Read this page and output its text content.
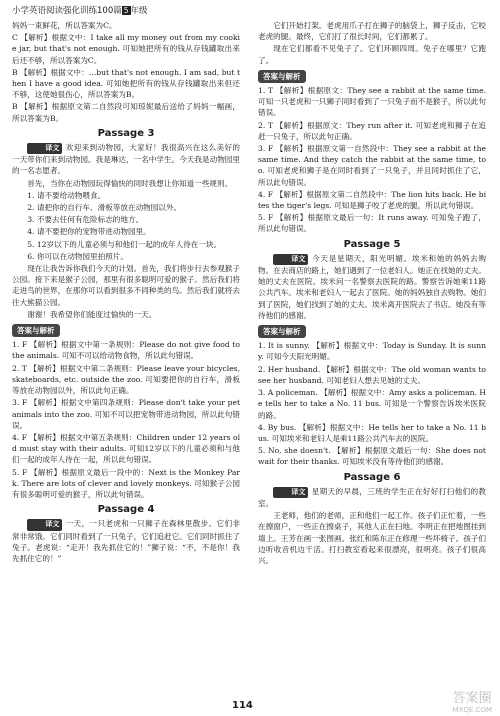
小学英语阅读强化训练100篇 5 年级

妈妈一束鲜花，所以答案为C。

C 【解析】根据文中：I take all my money out from my cookie jar, but that's not enough. 可知她把所有的钱从存钱罐取出来后还不够，所以答案为C。

B 【解析】根据文中：…but that's not enough. I am sad, but then I have a good idea. 可知她把所有的钱从存钱罐取出来但还不够，这使她很伤心，所以答案为B。

B 【解析】根据原文第二自然段可知琼妮最后送给了妈妈一幅画，所以答案为B。

Passage 3

译文 欢迎来到动物园，大家好！我很高兴在这么美好的一天带你们来到动物园。我是琳达，一名中学生。今天我是动物园里的一名志愿者。

首先，当你在动物园玩得愉快的同时我想让你知道一些规则。

1. 请不要给动物喂食。

2. 请把你的自行车、滑板等放在动物园以外。

3. 不要去任何有危险标志的地方。

4. 请不要把你的宠物带进动物园里。

5. 12岁以下的儿童必须与和他们一起的成年人待在一块。

6. 你可以在动物园里拍照片。

现在让我告诉你我们今天的计划。首先，我们将步行去参观猴子公园。接下来是猴子公园，那里有很多聪明可爱的猴子。然后我们将走进鸟的世界，在那你可以看到很多不同种类的鸟。然后我们就将去往大熊猫公园。

谢谢！我希望你们能度过愉快的一天。

答案与解析

1. F 【解析】根据文中第一条规则：Please do not give food to the animals. 可知不可以给动物食物，所以此句错误。

2. T 【解析】根据文中第二条规则：Please leave your bicycles, skateboards, etc. outside the zoo. 可知要把你的自行车，滑板等放在动物园以外，所以此句正确。

3. F 【解析】根据文中第四条规则：Please don't take your pet animals into the zoo. 可知不可以把宠物带进动物园，所以此句错误。

4. F 【解析】根据文中第五条规则：Children under 12 years old must stay with their adults. 可知12岁以下的儿童必须和与他们一起的成年人待在一起，所以此句错误。

5. F 【解析】根据原文最后一段中的：Next is the Monkey Park. There are lots of clever and lovely monkeys. 可知猴子公园有很多聪明可爱的猴子，所以此句错误。

Passage 4

译文 一天，一只老虎和一只狮子在森林里散步。它们非常非常饿。它们同时看到了一只兔子，它们追赶它。它们同时抓住了兔子。老虎说：“走开！我先抓住它的！”狮子说：“不，不是你！我先抓住它的！”

它们开始打架。老虎用爪子打在狮子的脑袋上，狮子反击，它咬老虎的腿。最终，它们打了很长时间，它们都累了。

现在它们都看不见兔子了。它们环顾四周。兔子在哪里？它跑了。

答案与解析

1. T 【解析】根据原文：They see a rabbit at the same time. 可知一只老虎和一只狮子同时看到了一只兔子而不是猴子，所以此句错误。

2. T 【解析】根据原文：They run after it. 可知老虎和狮子在追赶一只兔子，所以此句正确。

3. F 【解析】根据原文第一自然段中：They see a rabbit at the same time. And they catch the rabbit at the same time, too. 可知老虎和狮子是在同时看到了一只兔子，并且同时抓住了它，所以此句错误。

4. F 【解析】根据原文第二自然段中：The lion hits back. He bites the tiger's legs. 可知是狮子咬了老虎的腿，所以此句错误。

5. F 【解析】根据原文最后一句：It runs away. 可知兔子跑了，所以此句错误。

Passage 5

译文 今天是星期天，阳光明媚。埃米和她的妈妈去购物。在去商店的路上，她们遇到了一位老妇人。她正在找她的丈夫。她的丈夫在医院。埃米问一名警察去医院的路。警察告诉她乘11路公共汽车。埃米和老妇人一起去了医院。她的妈妈独自去购物。她们到了医院，她们找到了她的丈夫。埃米离开医院去了书店。她没有等待他们的感谢。

答案与解析

1. It is sunny. 【解析】根据文中：Today is Sunday. It is sunny. 可知今天阳光明媚。

2. Her husband. 【解析】根据文中：The old woman wants to see her husband. 可知老妇人想去见她的丈夫。

3. A policeman. 【解析】根据文中：Amy asks a policeman. He tells her to take a No. 11 bus. 可知是一个警察告诉埃米医院的路。

4. By bus. 【解析】根据文中：He tells her to take a No. 11 bus. 可知埃米和老妇人是乘11路公共汽车去的医院。

5. No, she doesn't. 【解析】根据原文最后一句：She does not wait for their thanks. 可知埃米没有等待他们的感谢。

Passage 6

译文 星期天的早晨，三班的学生正在好好打扫他们的教室。

王老师，他们的老师，正和他们一起工作。孩子们正忙着，一些在擦窗户，一些正在擦桌子，其他人正在扫地。李明正在把地图挂到墙上。王芳在画一张图画。张红和陈东正在修理一些坏椅子。孩子们边听收音机边干活。打扫教室看起来很漂亮，很明亮。孩子们很高兴。

114	答案圈
MXQE.COM
